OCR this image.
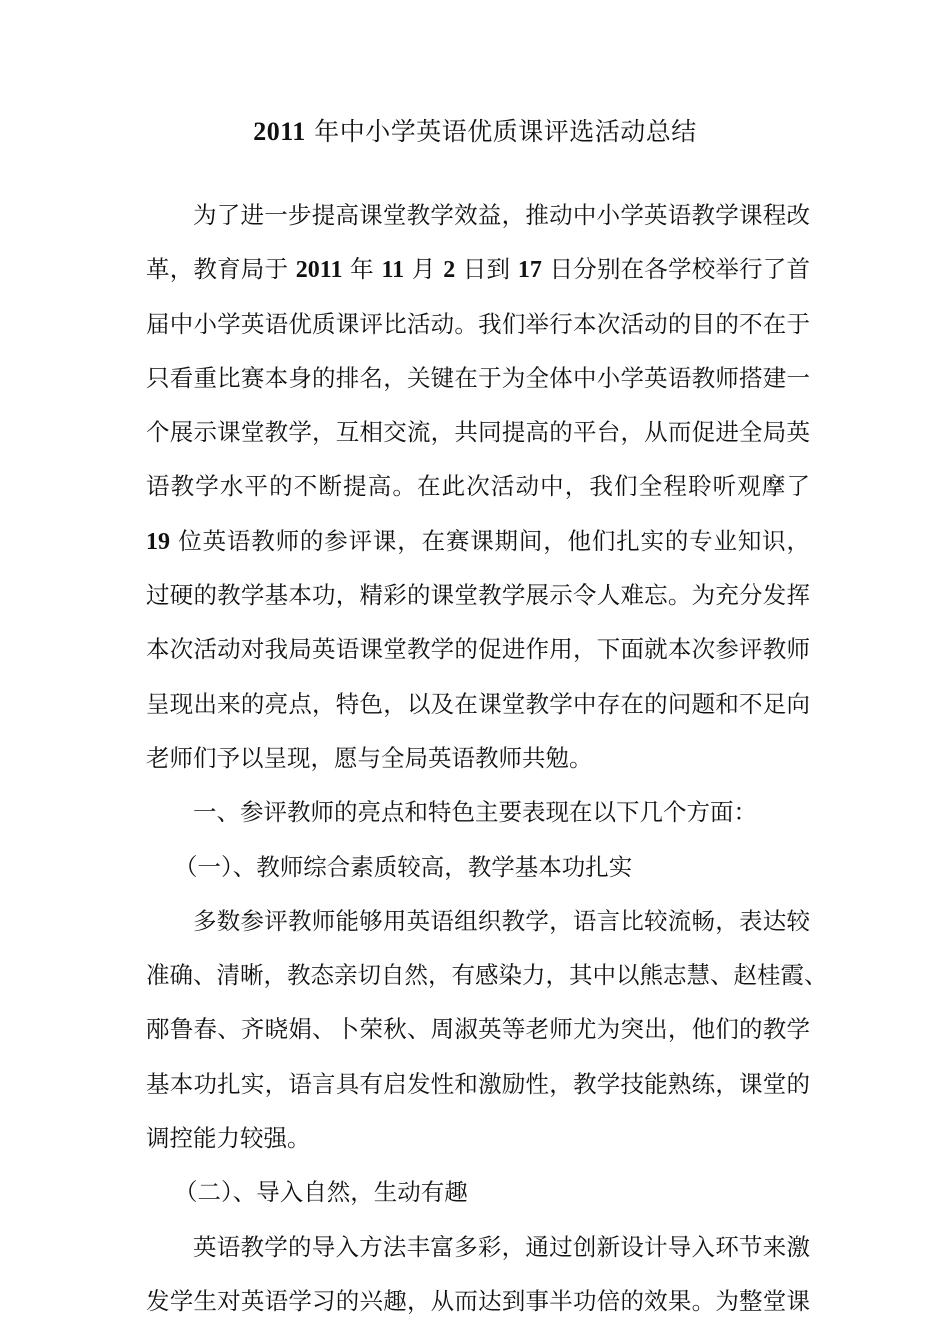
2011 年中小学英语优质课评选活动总结
为了进一步提高课堂教学效益，推动中小学英语教学课程改
革，教育局于 2011 年 11 月 2 日到 17 日分别在各学校举行了首
届中小学英语优质课评比活动。我们举行本次活动的目的不在于
只看重比赛本身的排名，关键在于为全体中小学英语教师搭建一
个展示课堂教学，互相交流，共同提高的平台，从而促进全局英
语教学水平的不断提高。在此次活动中，我们全程聆听观摩了
19 位英语教师的参评课，在赛课期间，他们扎实的专业知识，
过硬的教学基本功，精彩的课堂教学展示令人难忘。为充分发挥
本次活动对我局英语课堂教学的促进作用，下面就本次参评教师
呈现出来的亮点，特色，以及在课堂教学中存在的问题和不足向
老师们予以呈现，愿与全局英语教师共勉。
一、参评教师的亮点和特色主要表现在以下几个方面：
（一）、教师综合素质较高，教学基本功扎实
多数参评教师能够用英语组织教学，语言比较流畅，表达较
准确、清晰，教态亲切自然，有感染力，其中以熊志慧、赵桂霞、
邴鲁春、齐晓娟、卜荣秋、周淑英等老师尤为突出，他们的教学
基本功扎实，语言具有启发性和激励性，教学技能熟练，课堂的
调控能力较强。
（二）、导入自然，生动有趣
英语教学的导入方法丰富多彩，通过创新设计导入环节来激
发学生对英语学习的兴趣，从而达到事半功倍的效果。为整堂课
